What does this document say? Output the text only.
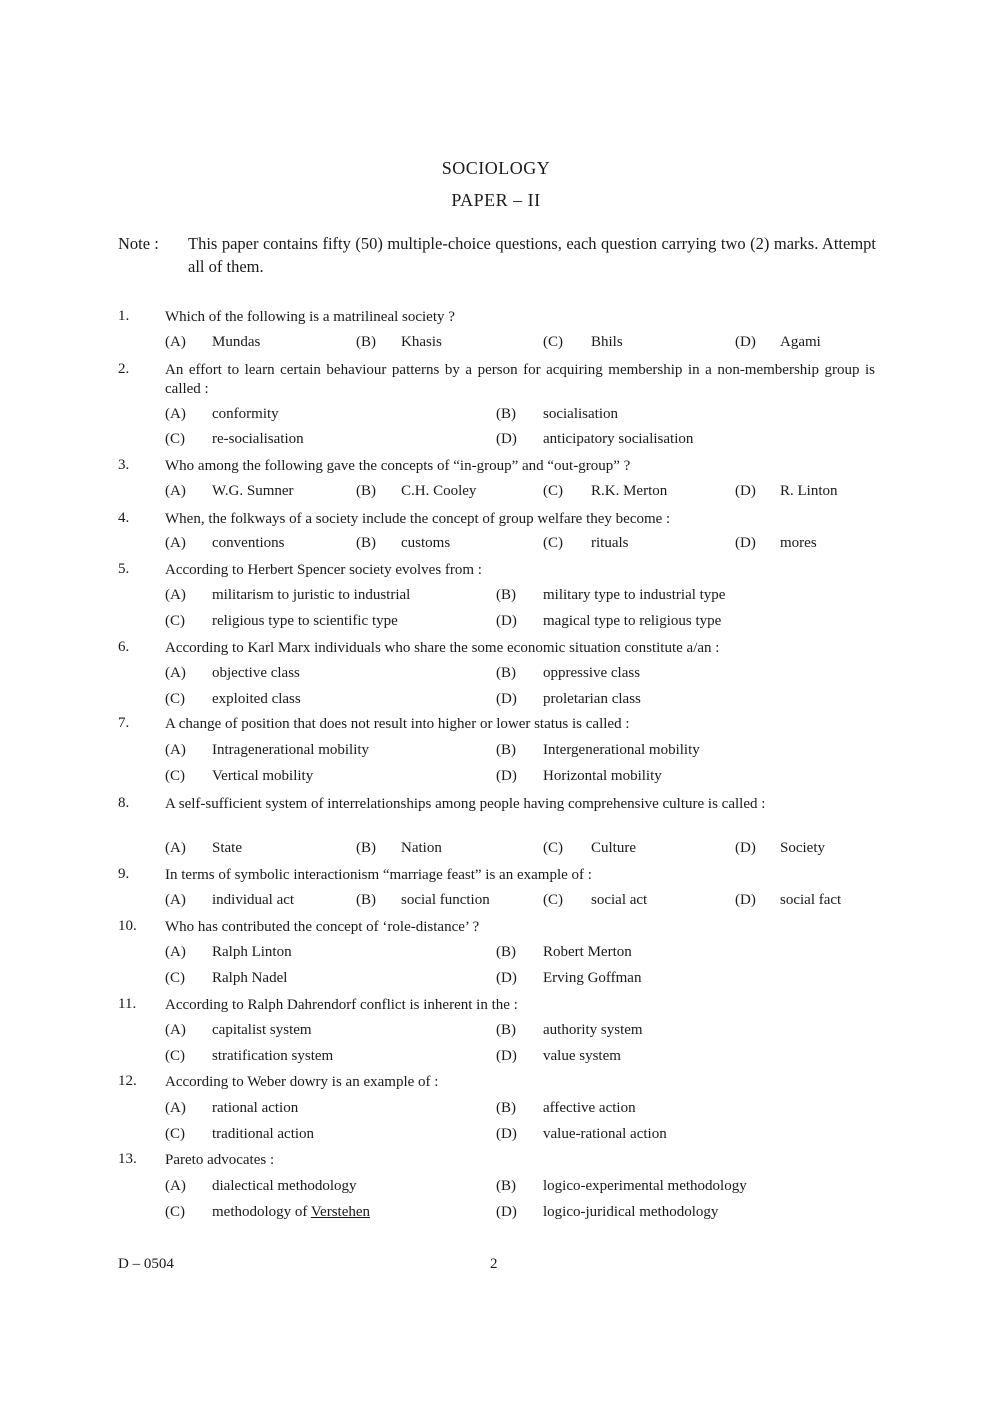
SOCIOLOGY
PAPER – II
Note :	This paper contains fifty (50) multiple-choice questions, each question carrying two (2) marks. Attempt all of them.
1.	Which of the following is a matrilineal society ?
(A) Mundas	(B) Khasis	(C) Bhils	(D) Agami
2.	An effort to learn certain behaviour patterns by a person for acquiring membership in a non-membership group is called :
(A) conformity	(B) socialisation
(C) re-socialisation	(D) anticipatory socialisation
3.	Who among the following gave the concepts of “in-group” and “out-group” ?
(A) W.G. Sumner	(B) C.H. Cooley	(C) R.K. Merton	(D) R. Linton
4.	When, the folkways of a society include the concept of group welfare they become :
(A) conventions	(B) customs	(C) rituals	(D) mores
5.	According to Herbert Spencer society evolves from :
(A) militarism to juristic to industrial	(B) military type to industrial type
(C) religious type to scientific type	(D) magical type to religious type
6.	According to Karl Marx individuals who share the some economic situation constitute a/an :
(A) objective class	(B) oppressive class
(C) exploited class	(D) proletarian class
7.	A change of position that does not result into higher or lower status is called :
(A) Intragenerational mobility	(B) Intergenerational mobility
(C) Vertical mobility	(D) Horizontal mobility
8.	A self-sufficient system of interrelationships among people having comprehensive culture is called :
(A) State	(B) Nation	(C) Culture	(D) Society
9.	In terms of symbolic interactionism “marriage feast” is an example of :
(A) individual act	(B) social function	(C) social act	(D) social fact
10.	Who has contributed the concept of ‘role-distance’ ?
(A) Ralph Linton	(B) Robert Merton
(C) Ralph Nadel	(D) Erving Goffman
11.	According to Ralph Dahrendorf conflict is inherent in the :
(A) capitalist system	(B) authority system
(C) stratification system	(D) value system
12.	According to Weber dowry is an example of :
(A) rational action	(B) affective action
(C) traditional action	(D) value-rational action
13.	Pareto advocates :
(A) dialectical methodology	(B) logico-experimental methodology
(C) methodology of Verstehen	(D) logico-juridical methodology
D – 0504	2
